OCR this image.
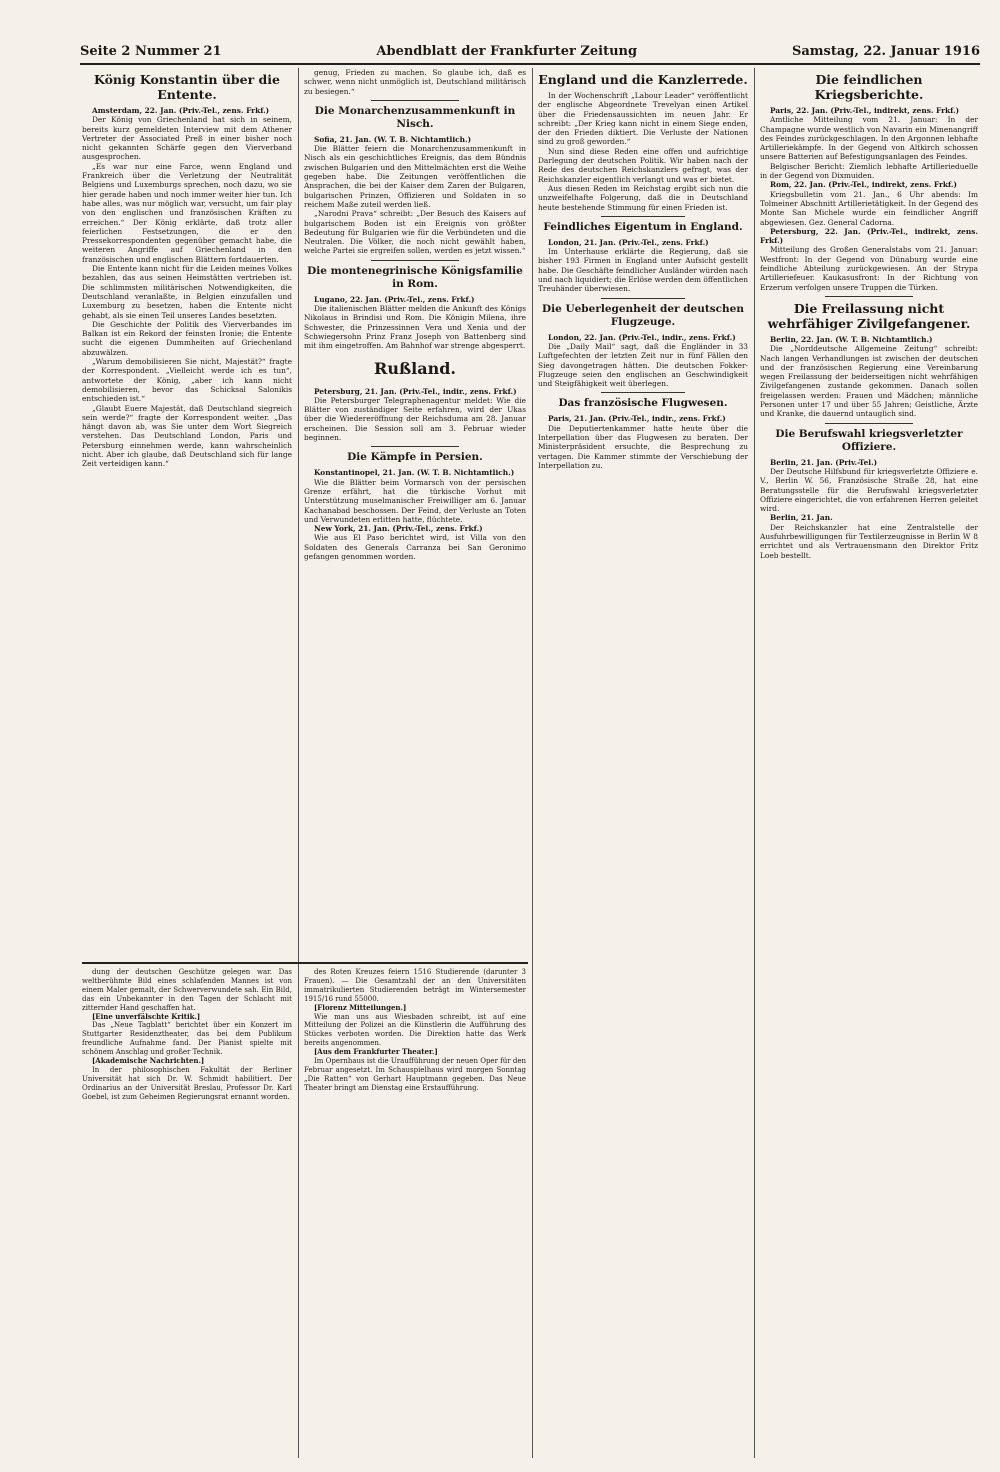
Seite 2 Nummer 21	Abendblatt der Frankfurter Zeitung	Samstag, 22. Januar 1916
König Konstantin über die Entente.

Amsterdam, 22. Jan. (Priv.-Tel., zens. Frkf.)

Der König von Griechenland hat sich in seinem, bereits kurz gemeldeten Interview mit dem Athener Vertreter der Associated Preß in einer bisher noch nicht gekannten Schärfe gegen den Vierverband ausgesprochen.

„Es war nur eine Farce, wenn England und Frankreich über die Verletzung der Neutralität Belgiens und Luxemburgs sprechen, noch dazu, wo sie hier gerade haben und noch immer weiter hier tun. Ich habe alles, was nur möglich war, versucht, um fair play von den englischen und französischen Kräften zu erreichen.“ Der König erklärte, daß trotz aller feierlichen Festsetzungen, die er den Pressekorrespondenten gegenüber gemacht habe, die weiteren Angriffe auf Griechenland in den französischen und englischen Blättern fortdauerten.

Die Entente kann nicht für die Leiden meines Volkes bezahlen, das aus seinen Heimstätten vertrieben ist. Die schlimmsten militärischen Notwendigkeiten, die Deutschland veranlaßte, in Belgien einzufallen und Luxemburg zu besetzen, haben die Entente nicht gehabt, als sie einen Teil unseres Landes besetzten.

Die Geschichte der Politik des Vierverbandes im Balkan ist ein Rekord der feinsten Ironie; die Entente sucht die eigenen Dummheiten auf Griechenland abzuwälzen.

„Warum demobilisieren Sie nicht, Majestät?“ fragte der Korrespondent. „Vielleicht werde ich es tun“, antwortete der König, „aber ich kann nicht demobilisieren, bevor das Schicksal Salonikis entschieden ist.“

„Glaubt Euere Majestät, daß Deutschland siegreich sein werde?“ fragte der Korrespondent weiter. „Das hängt davon ab, was Sie unter dem Wort Siegreich verstehen. Das Deutschland London, Paris und Petersburg einnehmen werde, kann wahrscheinlich nicht. Aber ich glaube, daß Deutschland sich für lange Zeit verteidigen kann.“

genug, Frieden zu machen. So glaube ich, daß es schwer, wenn nicht unmöglich ist, Deutschland militärisch zu besiegen.“

Die Monarchenzusammenkunft in Nisch.

Sofia, 21. Jan. (W. T. B. Nichtamtlich.)

Die Blätter feiern die Monarchenzusammenkunft in Nisch als ein geschichtliches Ereignis, das dem Bündnis zwischen Bulgarien und den Mittelmächten erst die Weihe gegeben habe. Die Zeitungen veröffentlichen die Ansprachen, die bei der Kaiser dem Zaren der Bulgaren, bulgarischen Prinzen, Offizieren und Soldaten in so reichem Maße zuteil werden ließ.

„Narodni Prava“ schreibt: „Der Besuch des Kaisers auf bulgarischem Boden ist ein Ereignis von größter Bedeutung für Bulgarien wie für die Verbündeten und die Neutralen. Die Völker, die noch nicht gewählt haben, welche Partei sie ergreifen sollen, werden es jetzt wissen.“

Die montenegrinische Königsfamilie in Rom.

Lugano, 22. Jan. (Priv.-Tel., zens. Frkf.)

Die italienischen Blätter melden die Ankunft des Königs Nikolaus in Brindisi und Rom. Die Königin Milena, ihre Schwester, die Prinzessinnen Vera und Xenia und der Schwiegersohn Prinz Franz Joseph von Battenberg sind mit ihm eingetroffen. Am Bahnhof war strenge abgesperrt.

Rußland.

Petersburg, 21. Jan. (Priv.-Tel., indir., zens. Frkf.)

Die Petersburger Telegraphenagentur meldet: Wie die Blätter von zuständiger Seite erfahren, wird der Ukas über die Wiedereröffnung der Reichsduma am 28. Januar erscheinen. Die Session soll am 3. Februar wieder beginnen.

Die Kämpfe in Persien.

Konstantinopel, 21. Jan. (W. T. B. Nichtamtlich.)

Wie die Blätter beim Vormarsch von der persischen Grenze erfährt, hat die türkische Vorhut mit Unterstützung muselmanischer Freiwilliger am 6. Januar Kachanabad beschossen. Der Feind, der Verluste an Toten und Verwundeten erlitten hatte, flüchtete.

New York, 21. Jan. (Priv.-Tel., zens. Frkf.)

Wie aus El Paso berichtet wird, ist Villa von den Soldaten des Generals Carranza bei San Geronimo gefangen genommen worden.

England und die Kanzlerrede.

In der Wochenschrift „Labour Leader“ veröffentlicht der englische Abgeordnete Trevelyan einen Artikel über die Friedensaussichten im neuen Jahr. Er schreibt: „Der Krieg kann nicht in einem Siege enden, der den Frieden diktiert. Die Verluste der Nationen sind zu groß geworden.“

Nun sind diese Reden eine offen und aufrichtige Darlegung der deutschen Politik. Wir haben nach der Rede des deutschen Reichskanzlers gefragt, was der Reichskanzler eigentlich verlangt und was er bietet.

Aus diesen Reden im Reichstag ergibt sich nun die unzweifelhafte Folgerung, daß die in Deutschland heute bestehende Stimmung für einen Frieden ist.

Feindliches Eigentum in England.

London, 21. Jan. (Priv.-Tel., zens. Frkf.)

Im Unterhause erklärte die Regierung, daß sie bisher 193 Firmen in England unter Aufsicht gestellt habe. Die Geschäfte feindlicher Ausländer würden nach und nach liquidiert; die Erlöse werden dem öffentlichen Treuhänder überwiesen.

Die Ueberlegenheit der deutschen Flugzeuge.

London, 22. Jan. (Priv.-Tel., indir., zens. Frkf.)

Die „Daily Mail“ sagt, daß die Engländer in 33 Luftgefechten der letzten Zeit nur in fünf Fällen den Sieg davongetragen hätten. Die deutschen Fokker-Flugzeuge seien den englischen an Geschwindigkeit und Steigfähigkeit weit überlegen.

Das französische Flugwesen.

Paris, 21. Jan. (Priv.-Tel., indir., zens. Frkf.)

Die Deputiertenkammer hatte heute über die Interpellation über das Flugwesen zu beraten. Der Ministerpräsident ersuchte, die Besprechung zu vertagen. Die Kammer stimmte der Verschiebung der Interpellation zu.

Die feindlichen Kriegsberichte.

Paris, 22. Jan. (Priv.-Tel., indirekt, zens. Frkf.)

Amtliche Mitteilung vom 21. Januar: In der Champagne wurde westlich von Navarin ein Minenangriff des Feindes zurückgeschlagen. In den Argonnen lebhafte Artilleriekämpfe. In der Gegend von Altkirch schossen unsere Batterien auf Befestigungsanlagen des Feindes.

Belgischer Bericht: Ziemlich lebhafte Artillerieduelle in der Gegend von Dixmuiden.

Rom, 22. Jan. (Priv.-Tel., indirekt, zens. Frkf.)

Kriegsbulletin vom 21. Jan., 6 Uhr abends: Im Tolmeiner Abschnitt Artillerietätigkeit. In der Gegend des Monte San Michele wurde ein feindlicher Angriff abgewiesen. Gez. General Cadorna.

Petersburg, 22. Jan. (Priv.-Tel., indirekt, zens. Frkf.)

Mitteilung des Großen Generalstabs vom 21. Januar: Westfront: In der Gegend von Dünaburg wurde eine feindliche Abteilung zurückgewiesen. An der Strypa Artilleriefeuer. Kaukasusfront: In der Richtung von Erzerum verfolgen unsere Truppen die Türken.

Die Freilassung nicht wehrfähiger Zivilgefangener.

Berlin, 22. Jan. (W. T. B. Nichtamtlich.)

Die „Norddeutsche Allgemeine Zeitung“ schreibt: Nach langen Verhandlungen ist zwischen der deutschen und der französischen Regierung eine Vereinbarung wegen Freilassung der beiderseitigen nicht wehrfähigen Zivilgefangenen zustande gekommen. Danach sollen freigelassen werden: Frauen und Mädchen; männliche Personen unter 17 und über 55 Jahren; Geistliche, Ärzte und Kranke, die dauernd untauglich sind.

Die Berufswahl kriegsverletzter Offiziere.

Berlin, 21. Jan. (Priv.-Tel.)

Der Deutsche Hilfsbund für kriegsverletzte Offiziere e. V., Berlin W. 56, Französische Straße 28, hat eine Beratungsstelle für die Berufswahl kriegsverletzter Offiziere eingerichtet, die von erfahrenen Herren geleitet wird.

Berlin, 21. Jan.

Der Reichskanzler hat eine Zentralstelle der Ausfuhrbewilligungen für Textilerzeugnisse in Berlin W 8 errichtet und als Vertrauensmann den Direktor Fritz Loeb bestellt.

dung der deutschen Geschütze gelegen war. Das weltberühmte Bild eines schlafenden Mannes ist von einem Maler gemalt, der Schwerverwundete sah. Ein Bild, das ein Unbekannter in den Tagen der Schlacht mit zitternder Hand geschaffen hat.

[Eine unverfälschte Kritik.]

Das „Neue Tagblatt“ berichtet über ein Konzert im Stuttgarter Residenztheater, das bei dem Publikum freundliche Aufnahme fand. Der Pianist spielte mit schönem Anschlag und großer Technik.

[Akademische Nachrichten.]

In der philosophischen Fakultät der Berliner Universität hat sich Dr. W. Schmidt habilitiert. Der Ordinarius an der Universität Breslau, Professor Dr. Karl Goebel, ist zum Geheimen Regierungsrat ernannt worden.

des Roten Kreuzes feiern 1516 Studierende (darunter 3 Frauen). — Die Gesamtzahl der an den Universitäten immatrikulierten Studierenden beträgt im Wintersemester 1915/16 rund 55000.

[Florenz Mitteilungen.]

Wie man uns aus Wiesbaden schreibt, ist auf eine Mitteilung der Polizei an die Künstlerin die Aufführung des Stückes verboten worden. Die Direktion hatte das Werk bereits angenommen.

[Aus dem Frankfurter Theater.]

Im Opernhaus ist die Uraufführung der neuen Oper für den Februar angesetzt. Im Schauspielhaus wird morgen Sonntag „Die Ratten“ von Gerhart Hauptmann gegeben. Das Neue Theater bringt am Dienstag eine Erstaufführung.
